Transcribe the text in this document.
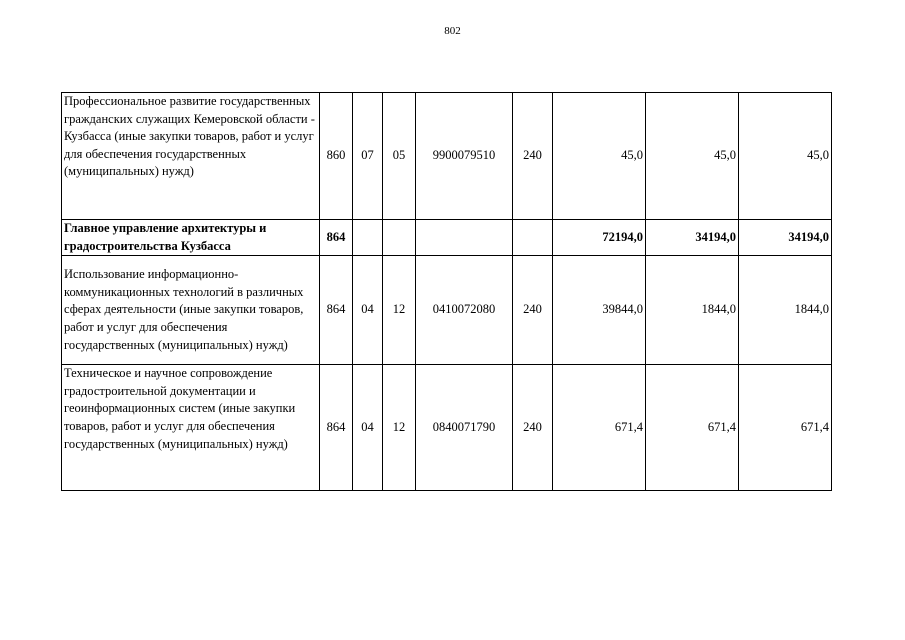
802
Профессиональное развитие государственных гражданских служащих Кемеровской области - Кузбасса (иные закупки товаров, работ и услуг для обеспечения государственных (муниципальных) нужд)	860	07	05	9900079510	240	45,0	45,0	45,0
Главное управление архитектуры и градостроительства Кузбасса	864					72194,0	34194,0	34194,0
Использование информационно-коммуникационных технологий в различных сферах деятельности (иные закупки товаров, работ и услуг для обеспечения государственных (муниципальных) нужд)	864	04	12	0410072080	240	39844,0	1844,0	1844,0

Техническое и научное сопровождение градостроительной документации и геоинформационных систем (иные закупки товаров, работ и услуг для обеспечения государственных (муниципальных) нужд)	864	04	12	0840071790	240	671,4	671,4	671,4
